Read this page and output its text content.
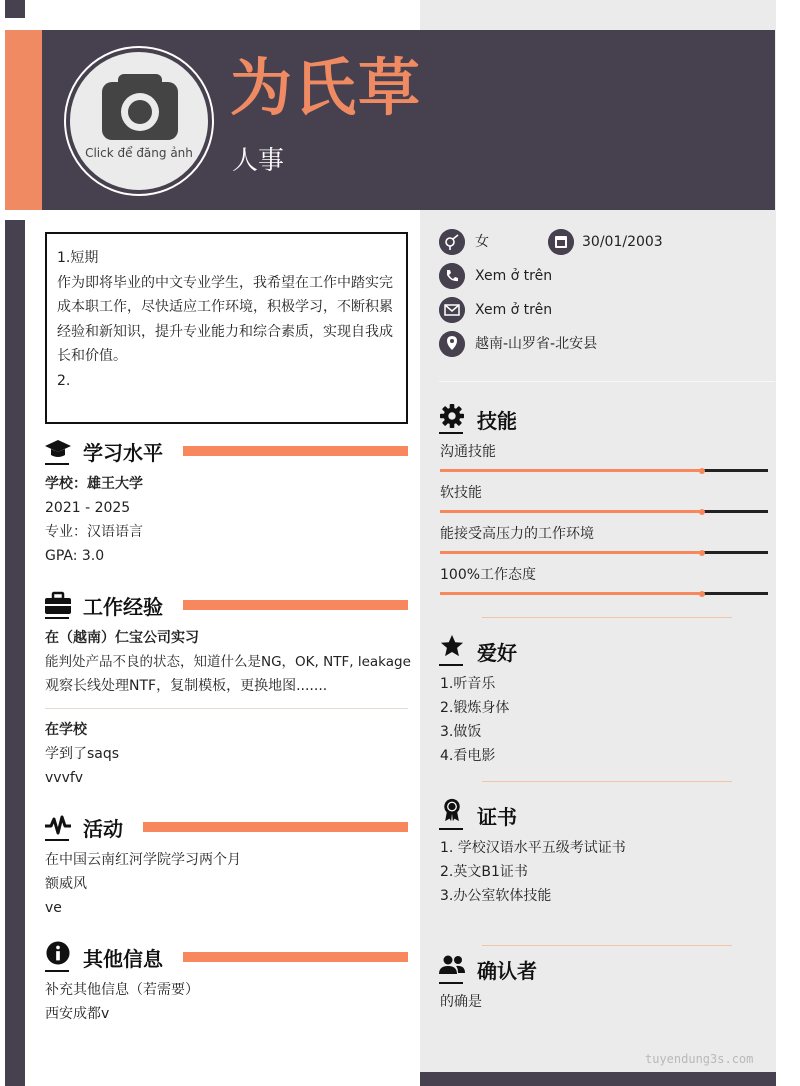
Click để đăng ảnh
为氏草
人事
1.短期
作为即将毕业的中文专业学生，我希望在工作中踏实完
成本职工作，尽快适应工作环境，积极学习，不断积累
经验和新知识，提升专业能力和综合素质，实现自我成
长和价值。
2.
学习水平
学校：雄王大学
2021 - 2025
专业：汉语语言
GPA: 3.0
工作经验
在（越南）仁宝公司实习
能判处产品不良的状态，知道什么是NG，OK, NTF, leakage
观察长线处理NTF，复制模板，更换地图.......
在学校
学到了saqs
vvvfv
活动
在中国云南红河学院学习两个月
额威风
ve
其他信息
补充其他信息（若需要）
西安成都v
女	30/01/2003
Xem ở trên
Xem ở trên
越南-山罗省-北安县
技能
沟通技能
软技能
能接受高压力的工作环境
100%工作态度
爱好
1.听音乐
2.锻炼身体
3.做饭
4.看电影
证书
1. 学校汉语水平五级考试证书
2.英文B1证书
3.办公室软体技能
确认者
的确是
tuyendung3s.com
